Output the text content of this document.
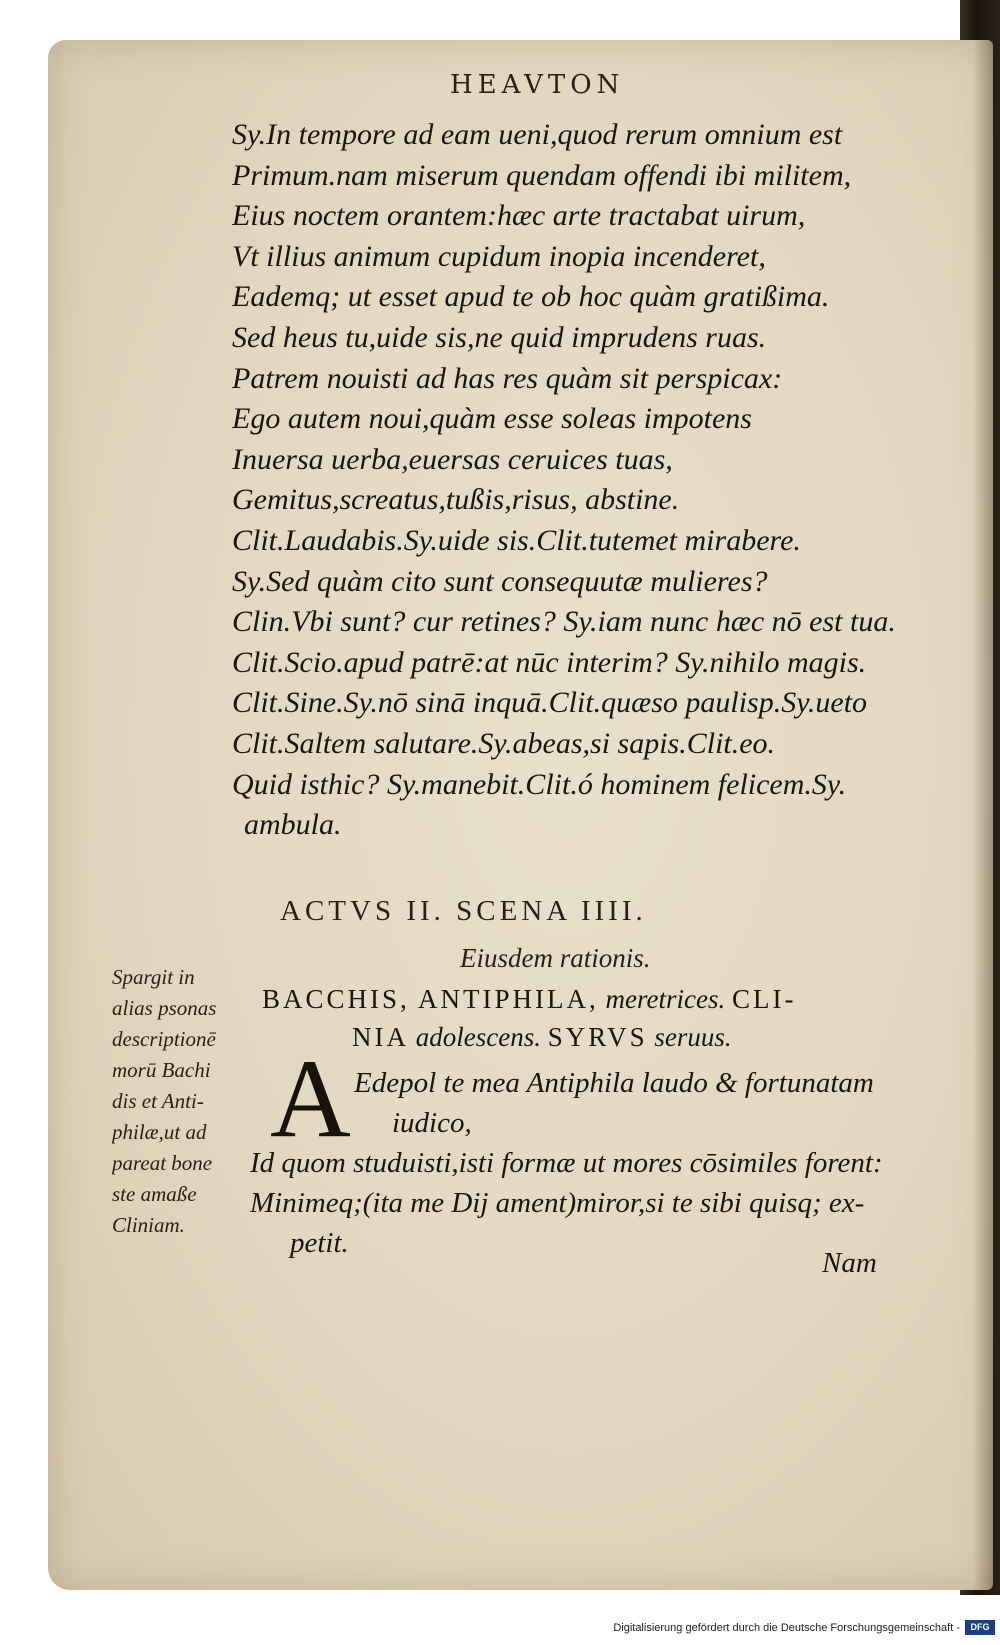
HEAVTON
Sy.In tempore ad eam ueni,quod rerum omnium est
Primum.nam miserum quendam offendi ibi militem,
Eius noctem orantem:hæc arte tractabat uirum,
Vt illius animum cupidum inopia incenderet,
Eademq; ut esset apud te ob hoc quàm gratißima.
Sed heus tu,uide sis,ne quid imprudens ruas.
Patrem nouisti ad has res quàm sit perspicax:
Ego autem noui,quàm esse soleas impotens
Inuersa uerba,euersas ceruices tuas,
Gemitus,screatus,tußis,risus, abstine.
Clit.Laudabis.Sy.uide sis.Clit.tutemet mirabere.
Sy.Sed quàm cito sunt consequutæ mulieres?
Clin.Vbi sunt? cur retines? Sy.iam nunc hæc nō est tua.
Clit.Scio.apud patrē:at nūc interim? Sy.nihilo magis.
Clit.Sine.Sy.nō sinā inquā.Clit.quæso paulisp.Sy.ueto
Clit.Saltem salutare.Sy.abeas,si sapis.Clit.eo.
Quid isthic? Sy.manebit.Clit.ó hominem felicem.Sy.
ambula.
ACTVS II. SCENA IIII.
Eiusdem rationis.
BACCHIS, ANTIPHILA, meretrices. CLI-
NIA adolescens. SYRVS seruus.
Spargit in
alias psonas
descriptionē
morū Bachi
dis et Anti-
philæ,ut ad
pareat bone
ste amaße
Cliniam.
A Edepol te mea Antiphila laudo & fortunatam
iudico,
Id quom studuisti,isti formæ ut mores cōsimiles forent:
Minimeq;(ita me Dij ament)miror,si te sibi quisq; ex-
petit.
Nam
Digitalisierung gefördert durch die Deutsche Forschungsgemeinschaft -	DFG
